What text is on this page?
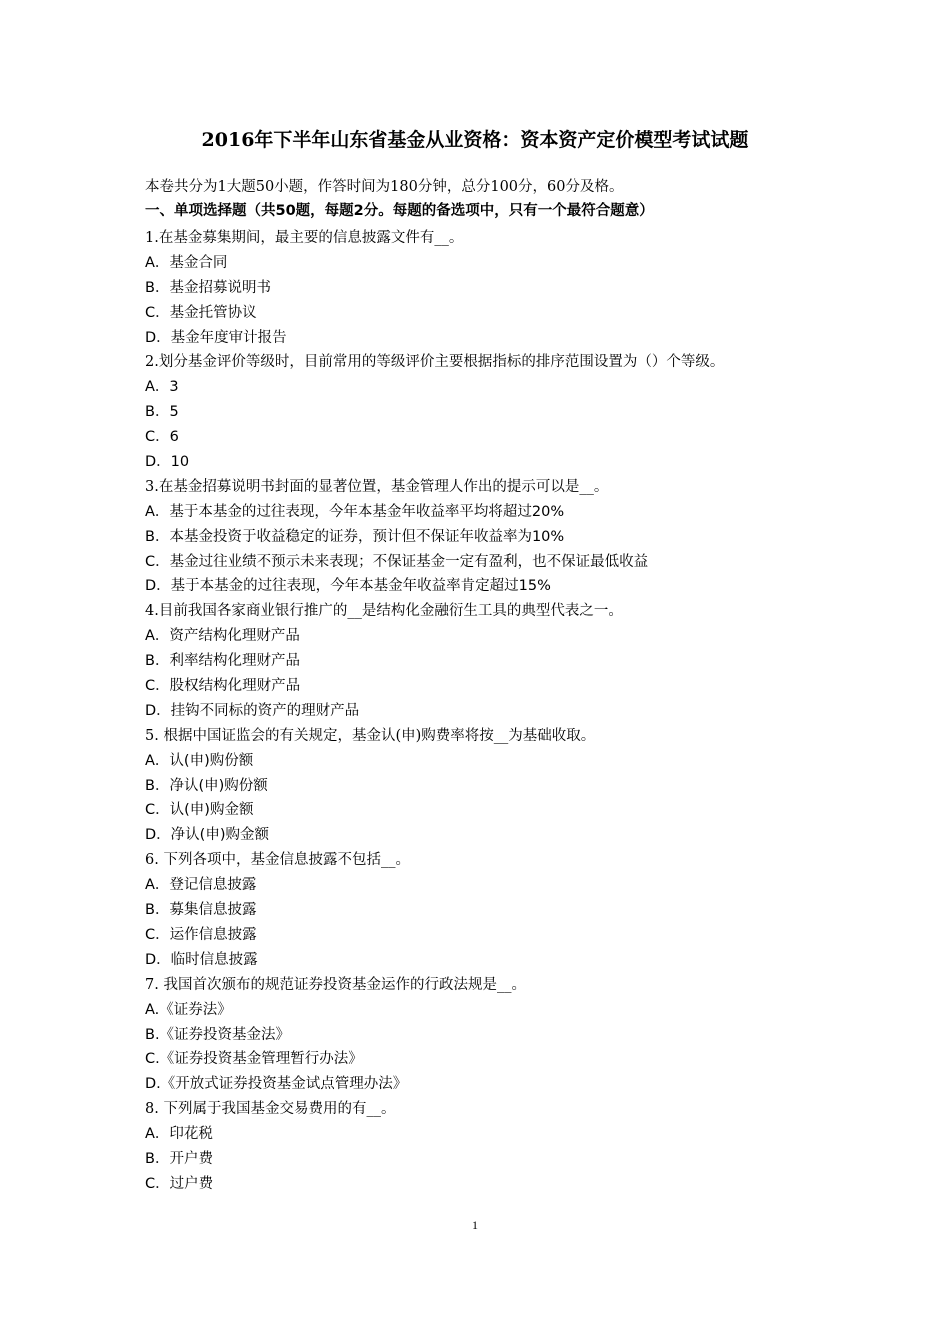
2016年下半年山东省基金从业资格：资本资产定价模型考试试题
本卷共分为1大题50小题，作答时间为180分钟，总分100分，60分及格。
一、单项选择题（共50题，每题2分。每题的备选项中，只有一个最符合题意）
1.在基金募集期间，最主要的信息披露文件有__。
A．基金合同
B．基金招募说明书
C．基金托管协议
D．基金年度审计报告
2.划分基金评价等级时，目前常用的等级评价主要根据指标的排序范围设置为（）个等级。
A．3
B．5
C．6
D．10
3.在基金招募说明书封面的显著位置，基金管理人作出的提示可以是__。
A．基于本基金的过往表现，今年本基金年收益率平均将超过20%
B．本基金投资于收益稳定的证券，预计但不保证年收益率为10%
C．基金过往业绩不预示未来表现；不保证基金一定有盈利，也不保证最低收益
D．基于本基金的过往表现，今年本基金年收益率肯定超过15%
4.目前我国各家商业银行推广的__是结构化金融衍生工具的典型代表之一。
A．资产结构化理财产品
B．利率结构化理财产品
C．股权结构化理财产品
D．挂钩不同标的资产的理财产品
5. 根据中国证监会的有关规定，基金认(申)购费率将按__为基础收取。
A．认(申)购份额
B．净认(申)购份额
C．认(申)购金额
D．净认(申)购金额
6. 下列各项中，基金信息披露不包括__。
A．登记信息披露
B．募集信息披露
C．运作信息披露
D．临时信息披露
7. 我国首次颁布的规范证券投资基金运作的行政法规是__。
A.《证券法》
B.《证券投资基金法》
C.《证券投资基金管理暂行办法》
D.《开放式证券投资基金试点管理办法》
8. 下列属于我国基金交易费用的有__。
A．印花税
B．开户费
C．过户费
1
